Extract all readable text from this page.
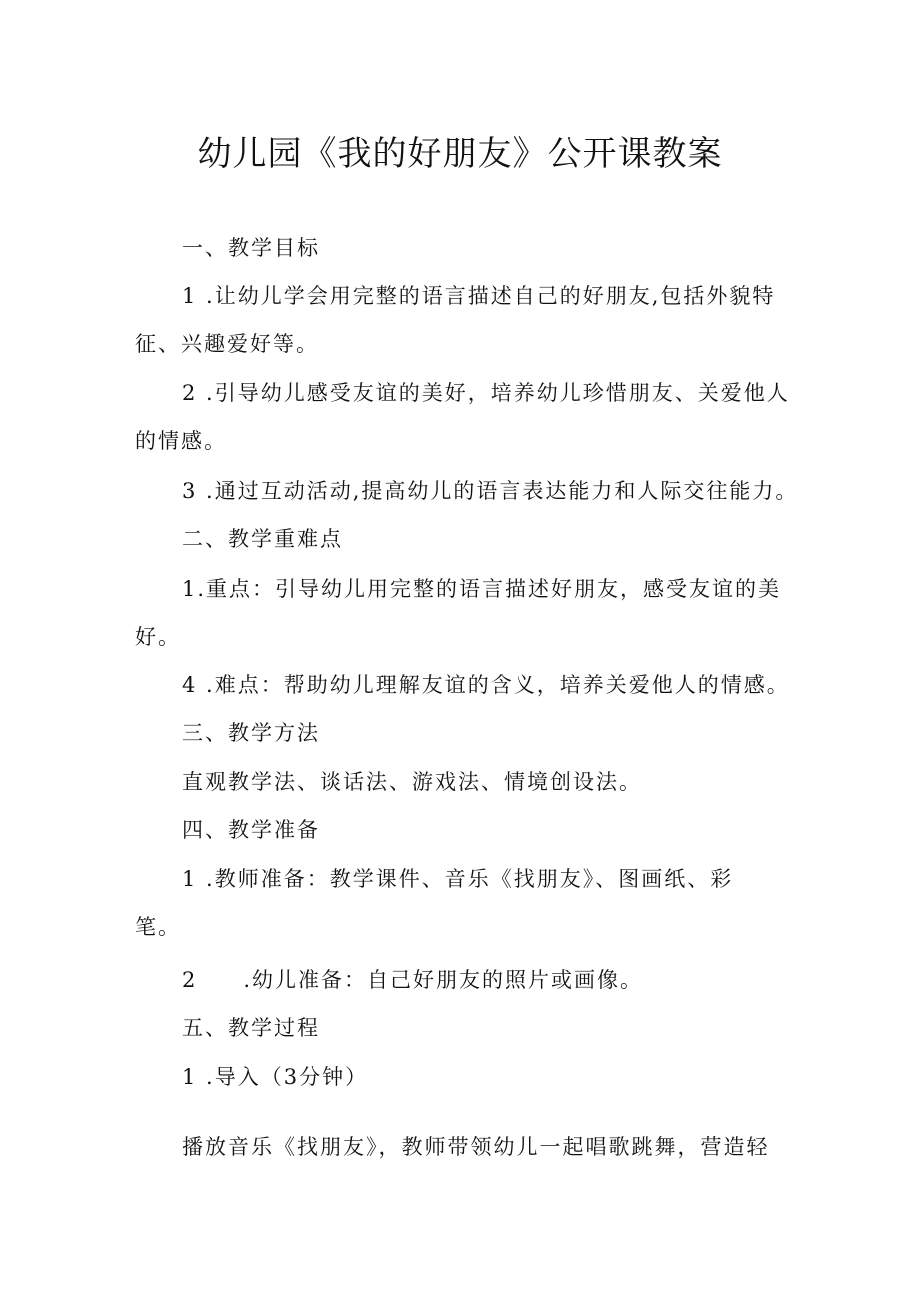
幼儿园《我的好朋友》公开课教案
一、教学目标
1 .让幼儿学会用完整的语言描述自己的好朋友,包括外貌特
征、兴趣爱好等。
2 .引导幼儿感受友谊的美好，培养幼儿珍惜朋友、关爱他人
的情感。
3 .通过互动活动,提高幼儿的语言表达能力和人际交往能力。
二、教学重难点
1.重点：引导幼儿用完整的语言描述好朋友，感受友谊的美
好。
4 .难点：帮助幼儿理解友谊的含义，培养关爱他人的情感。
三、教学方法
直观教学法、谈话法、游戏法、情境创设法。
四、教学准备
1 .教师准备：教学课件、音乐《找朋友》、图画纸、彩
笔。
2　　.幼儿准备：自己好朋友的照片或画像。
五、教学过程
1 .导入（3分钟）
播放音乐《找朋友》，教师带领幼儿一起唱歌跳舞，营造轻
